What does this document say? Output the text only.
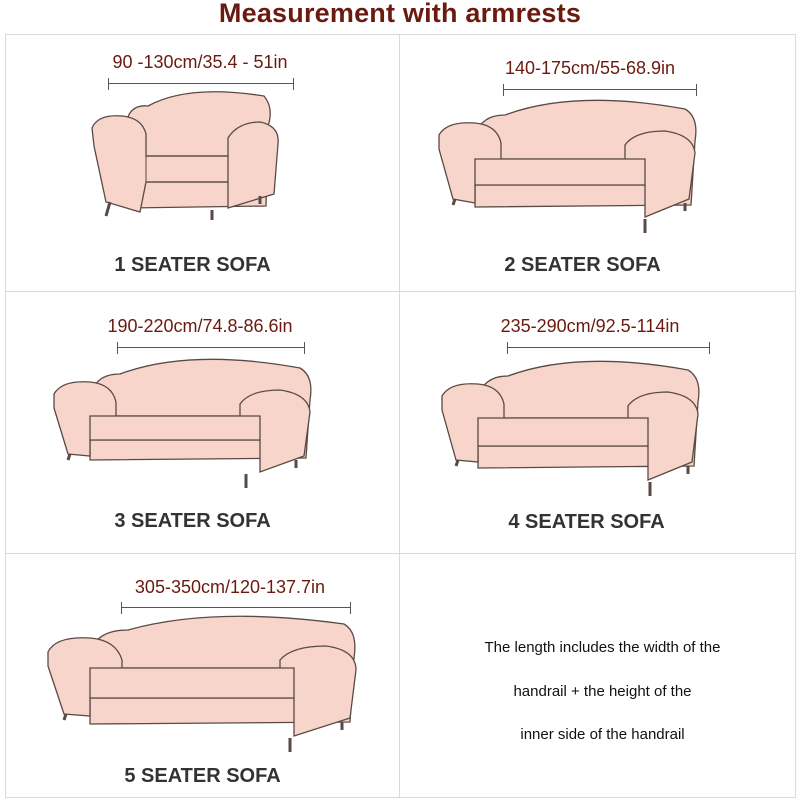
Measurement with armrests
90 -130cm/35.4 - 51in
1 SEATER SOFA
140-175cm/55-68.9in
2 SEATER SOFA
190-220cm/74.8-86.6in
3 SEATER SOFA
235-290cm/92.5-114in
4 SEATER SOFA
305-350cm/120-137.7in
5 SEATER SOFA
The length includes the width of the
handrail + the height of the
inner side of the handrail
